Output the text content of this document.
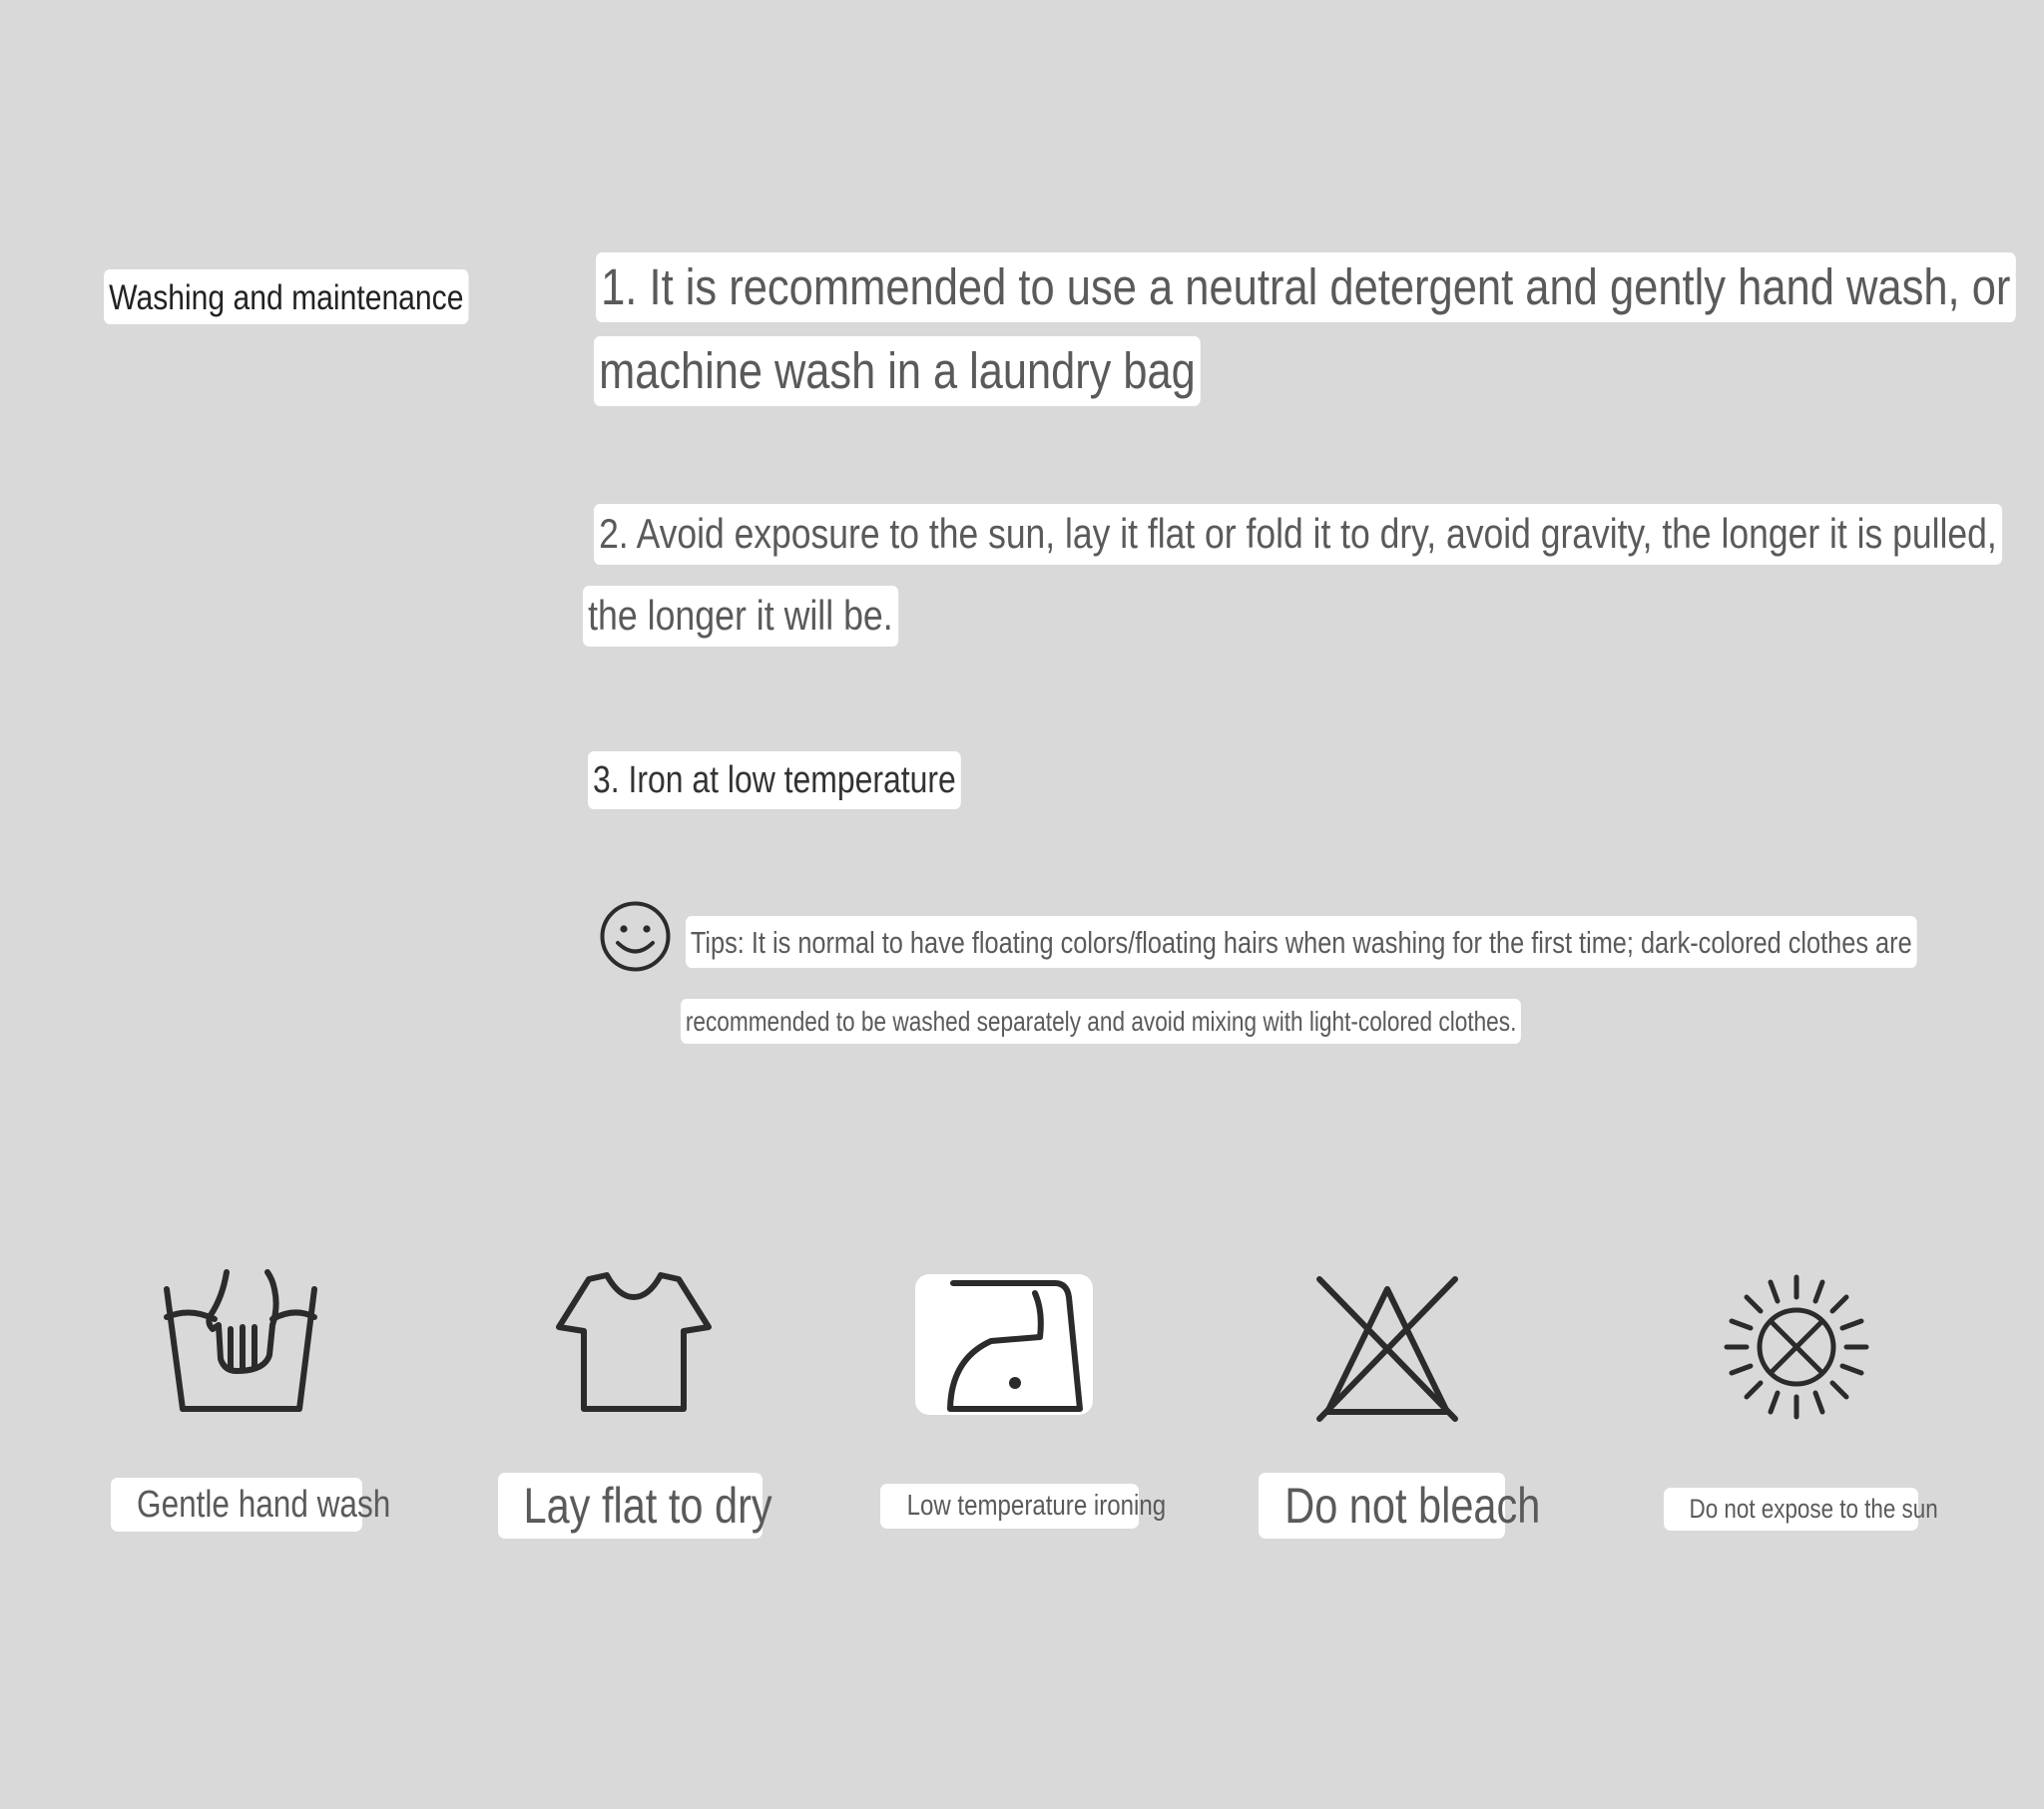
Washing and maintenance	1. It is recommended to use a neutral detergent and gently hand wash, or
machine wash in a laundry bag
2. Avoid exposure to the sun, lay it flat or fold it to dry, avoid gravity, the longer it is pulled,
the longer it will be.
3. Iron at low temperature
Tips: It is normal to have floating colors/floating hairs when washing for the first time; dark-colored clothes are
recommended to be washed separately and avoid mixing with light-colored clothes.
Gentle hand wash	Lay flat to dry	Low temperature ironing	Do not bleach	Do not expose to the sun
